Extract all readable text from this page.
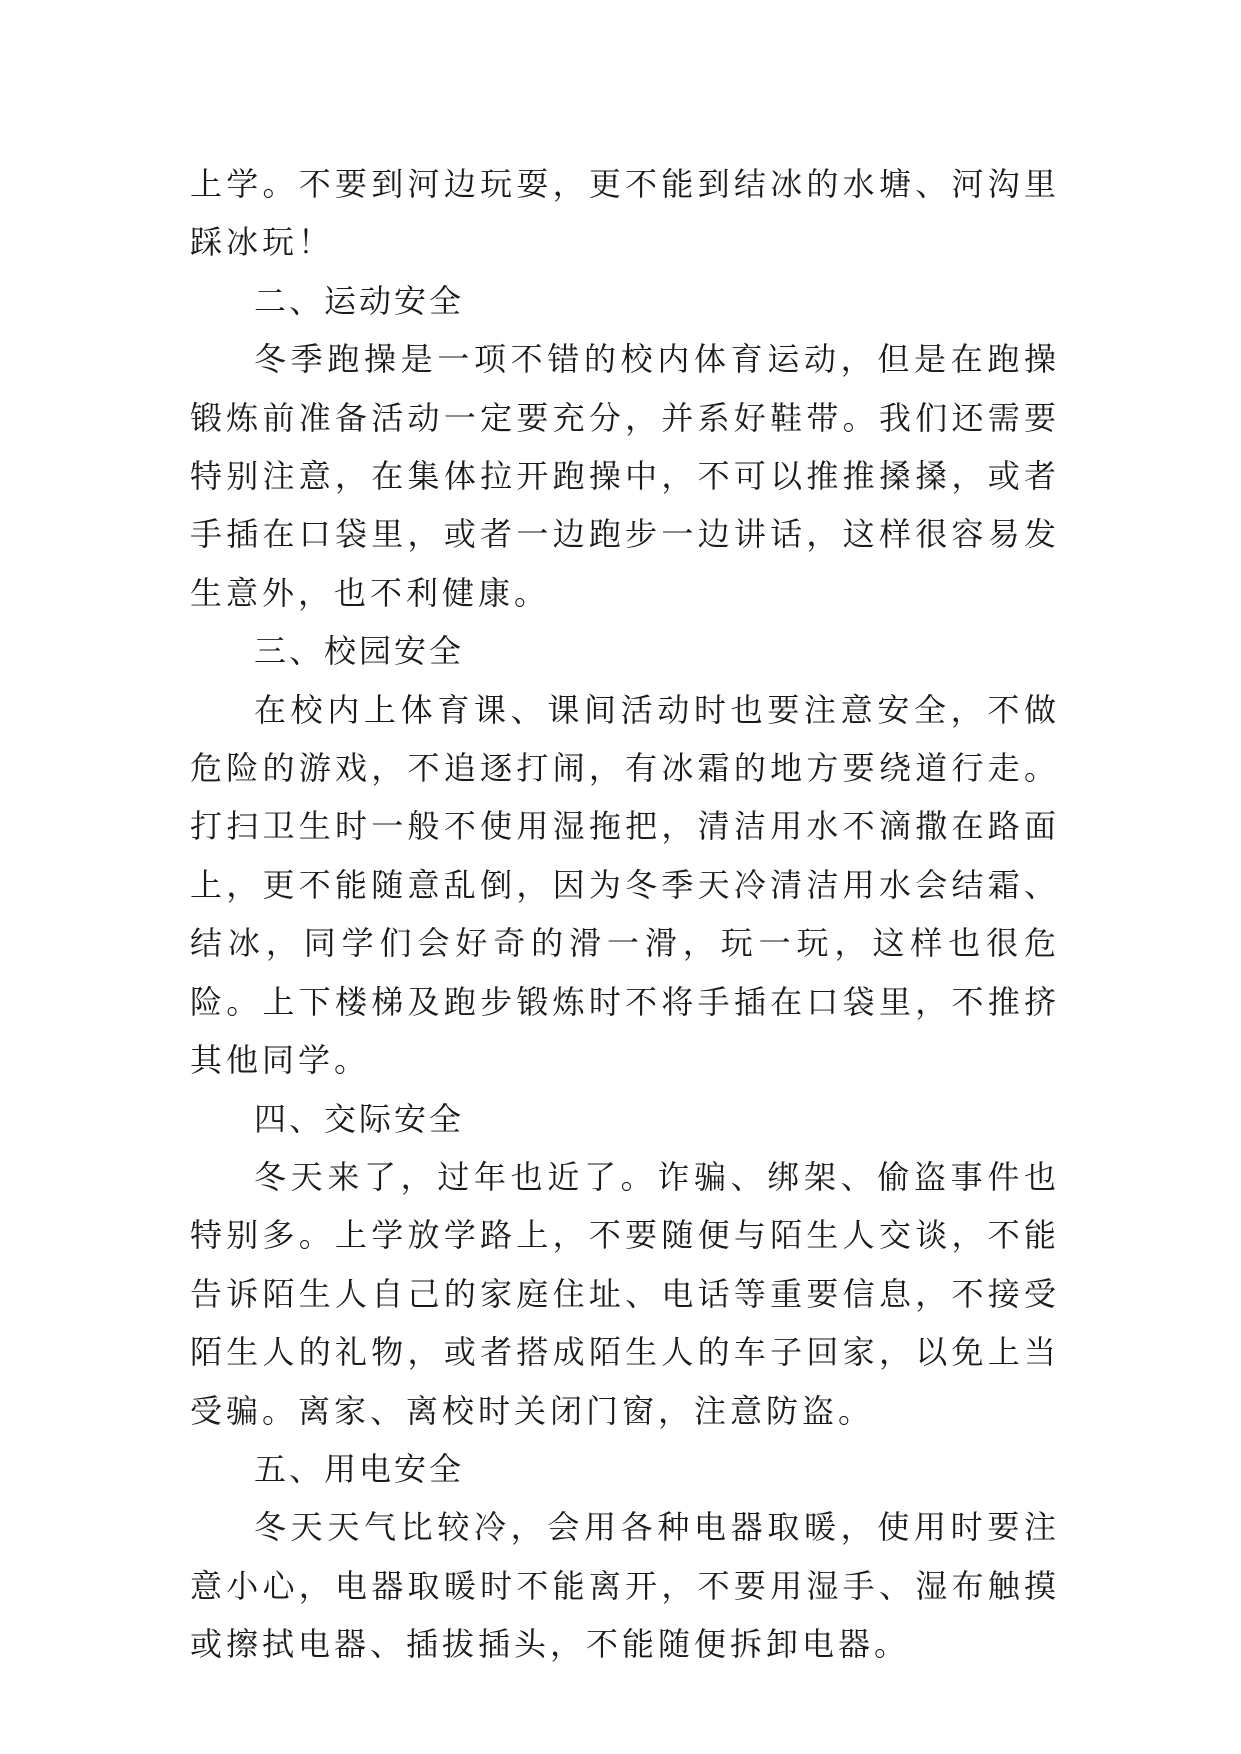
上学。不要到河边玩耍，更不能到结冰的水塘、河沟里踩冰玩！

二、运动安全

冬季跑操是一项不错的校内体育运动，但是在跑操锻炼前准备活动一定要充分，并系好鞋带。我们还需要特别注意，在集体拉开跑操中，不可以推推搡搡，或者手插在口袋里，或者一边跑步一边讲话，这样很容易发生意外，也不利健康。

三、校园安全

在校内上体育课、课间活动时也要注意安全，不做危险的游戏，不追逐打闹，有冰霜的地方要绕道行走。打扫卫生时一般不使用湿拖把，清洁用水不滴撒在路面上，更不能随意乱倒，因为冬季天冷清洁用水会结霜、结冰，同学们会好奇的滑一滑，玩一玩，这样也很危险。上下楼梯及跑步锻炼时不将手插在口袋里，不推挤其他同学。

四、交际安全

冬天来了，过年也近了。诈骗、绑架、偷盗事件也特别多。上学放学路上，不要随便与陌生人交谈，不能告诉陌生人自己的家庭住址、电话等重要信息，不接受陌生人的礼物，或者搭成陌生人的车子回家，以免上当受骗。离家、离校时关闭门窗，注意防盗。

五、用电安全

冬天天气比较冷，会用各种电器取暖，使用时要注意小心，电器取暖时不能离开，不要用湿手、湿布触摸或擦拭电器、插拔插头，不能随便拆卸电器。
